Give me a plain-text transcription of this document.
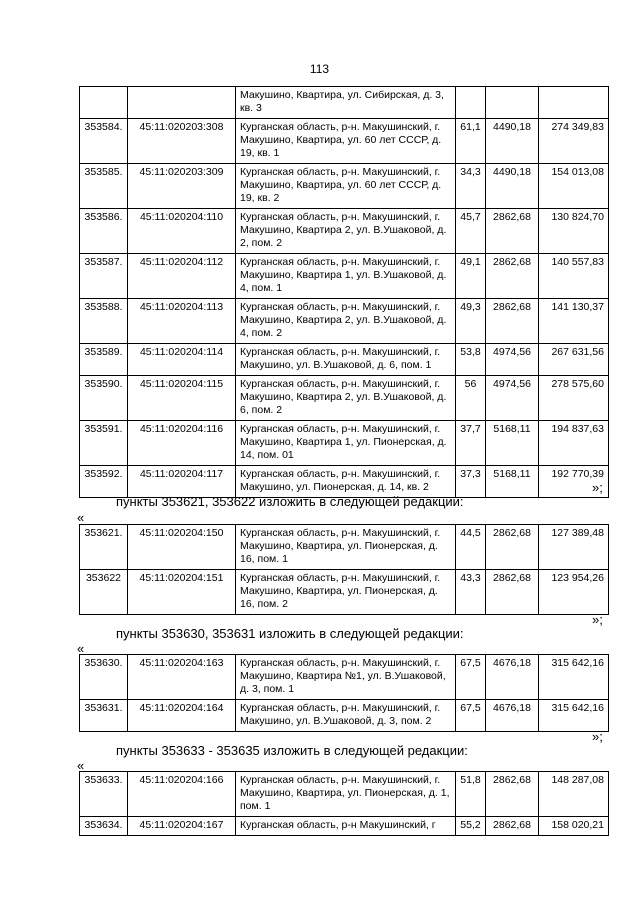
113
		Макушино, Квартира, ул. Сибирская, д. 3, кв. 3			
353584.	45:11:020203:308	Курганская область, р-н. Макушинский, г. Макушино, Квартира, ул. 60 лет СССР, д. 19, кв. 1	61,1	4490,18	274 349,83
353585.	45:11:020203:309	Курганская область, р-н. Макушинский, г. Макушино, Квартира, ул. 60 лет СССР, д. 19, кв. 2	34,3	4490,18	154 013,08
353586.	45:11:020204:110	Курганская область, р-н. Макушинский, г. Макушино, Квартира 2, ул. В.Ушаковой, д. 2, пом. 2	45,7	2862,68	130 824,70
353587.	45:11:020204:112	Курганская область, р-н. Макушинский, г. Макушино, Квартира 1, ул. В.Ушаковой, д. 4, пом. 1	49,1	2862,68	140 557,83
353588.	45:11:020204:113	Курганская область, р-н. Макушинский, г. Макушино, Квартира 2, ул. В.Ушаковой, д. 4, пом. 2	49,3	2862,68	141 130,37
353589.	45:11:020204:114	Курганская область, р-н. Макушинский, г. Макушино, ул. В.Ушаковой, д. 6, пом. 1	53,8	4974,56	267 631,56
353590.	45:11:020204:115	Курганская область, р-н. Макушинский, г. Макушино, Квартира 2, ул. В.Ушаковой, д. 6, пом. 2	56	4974,56	278 575,60
353591.	45:11:020204:116	Курганская область, р-н. Макушинский, г. Макушино, Квартира 1, ул. Пионерская, д. 14, пом. 01	37,7	5168,11	194 837,63
353592.	45:11:020204:117	Курганская область, р-н. Макушинский, г. Макушино, ул. Пионерская, д. 14, кв. 2	37,3	5168,11	192 770,39
»;
пункты 353621, 353622 изложить в следующей редакции:
«
353621.	45:11:020204:150	Курганская область, р-н. Макушинский, г. Макушино, Квартира, ул. Пионерская, д. 16, пом. 1	44,5	2862,68	127 389,48
353622	45:11:020204:151	Курганская область, р-н. Макушинский, г. Макушино, Квартира, ул. Пионерская, д. 16, пом. 2	43,3	2862,68	123 954,26
»;
пункты 353630, 353631 изложить в следующей редакции:
«
353630.	45:11:020204:163	Курганская область, р-н. Макушинский, г. Макушино, Квартира №1, ул. В.Ушаковой, д. 3, пом. 1	67,5	4676,18	315 642,16
353631.	45:11:020204:164	Курганская область, р-н. Макушинский, г. Макушино, ул. В.Ушаковой, д. 3, пом. 2	67,5	4676,18	315 642,16
»;
пункты 353633 - 353635 изложить в следующей редакции:
«
353633.	45:11:020204:166	Курганская область, р-н. Макушинский, г. Макушино, Квартира, ул. Пионерская, д. 1, пом. 1	51,8	2862,68	148 287,08
353634.	45:11:020204:167	Курганская область, р-н Макушинский, г	55,2	2862,68	158 020,21
